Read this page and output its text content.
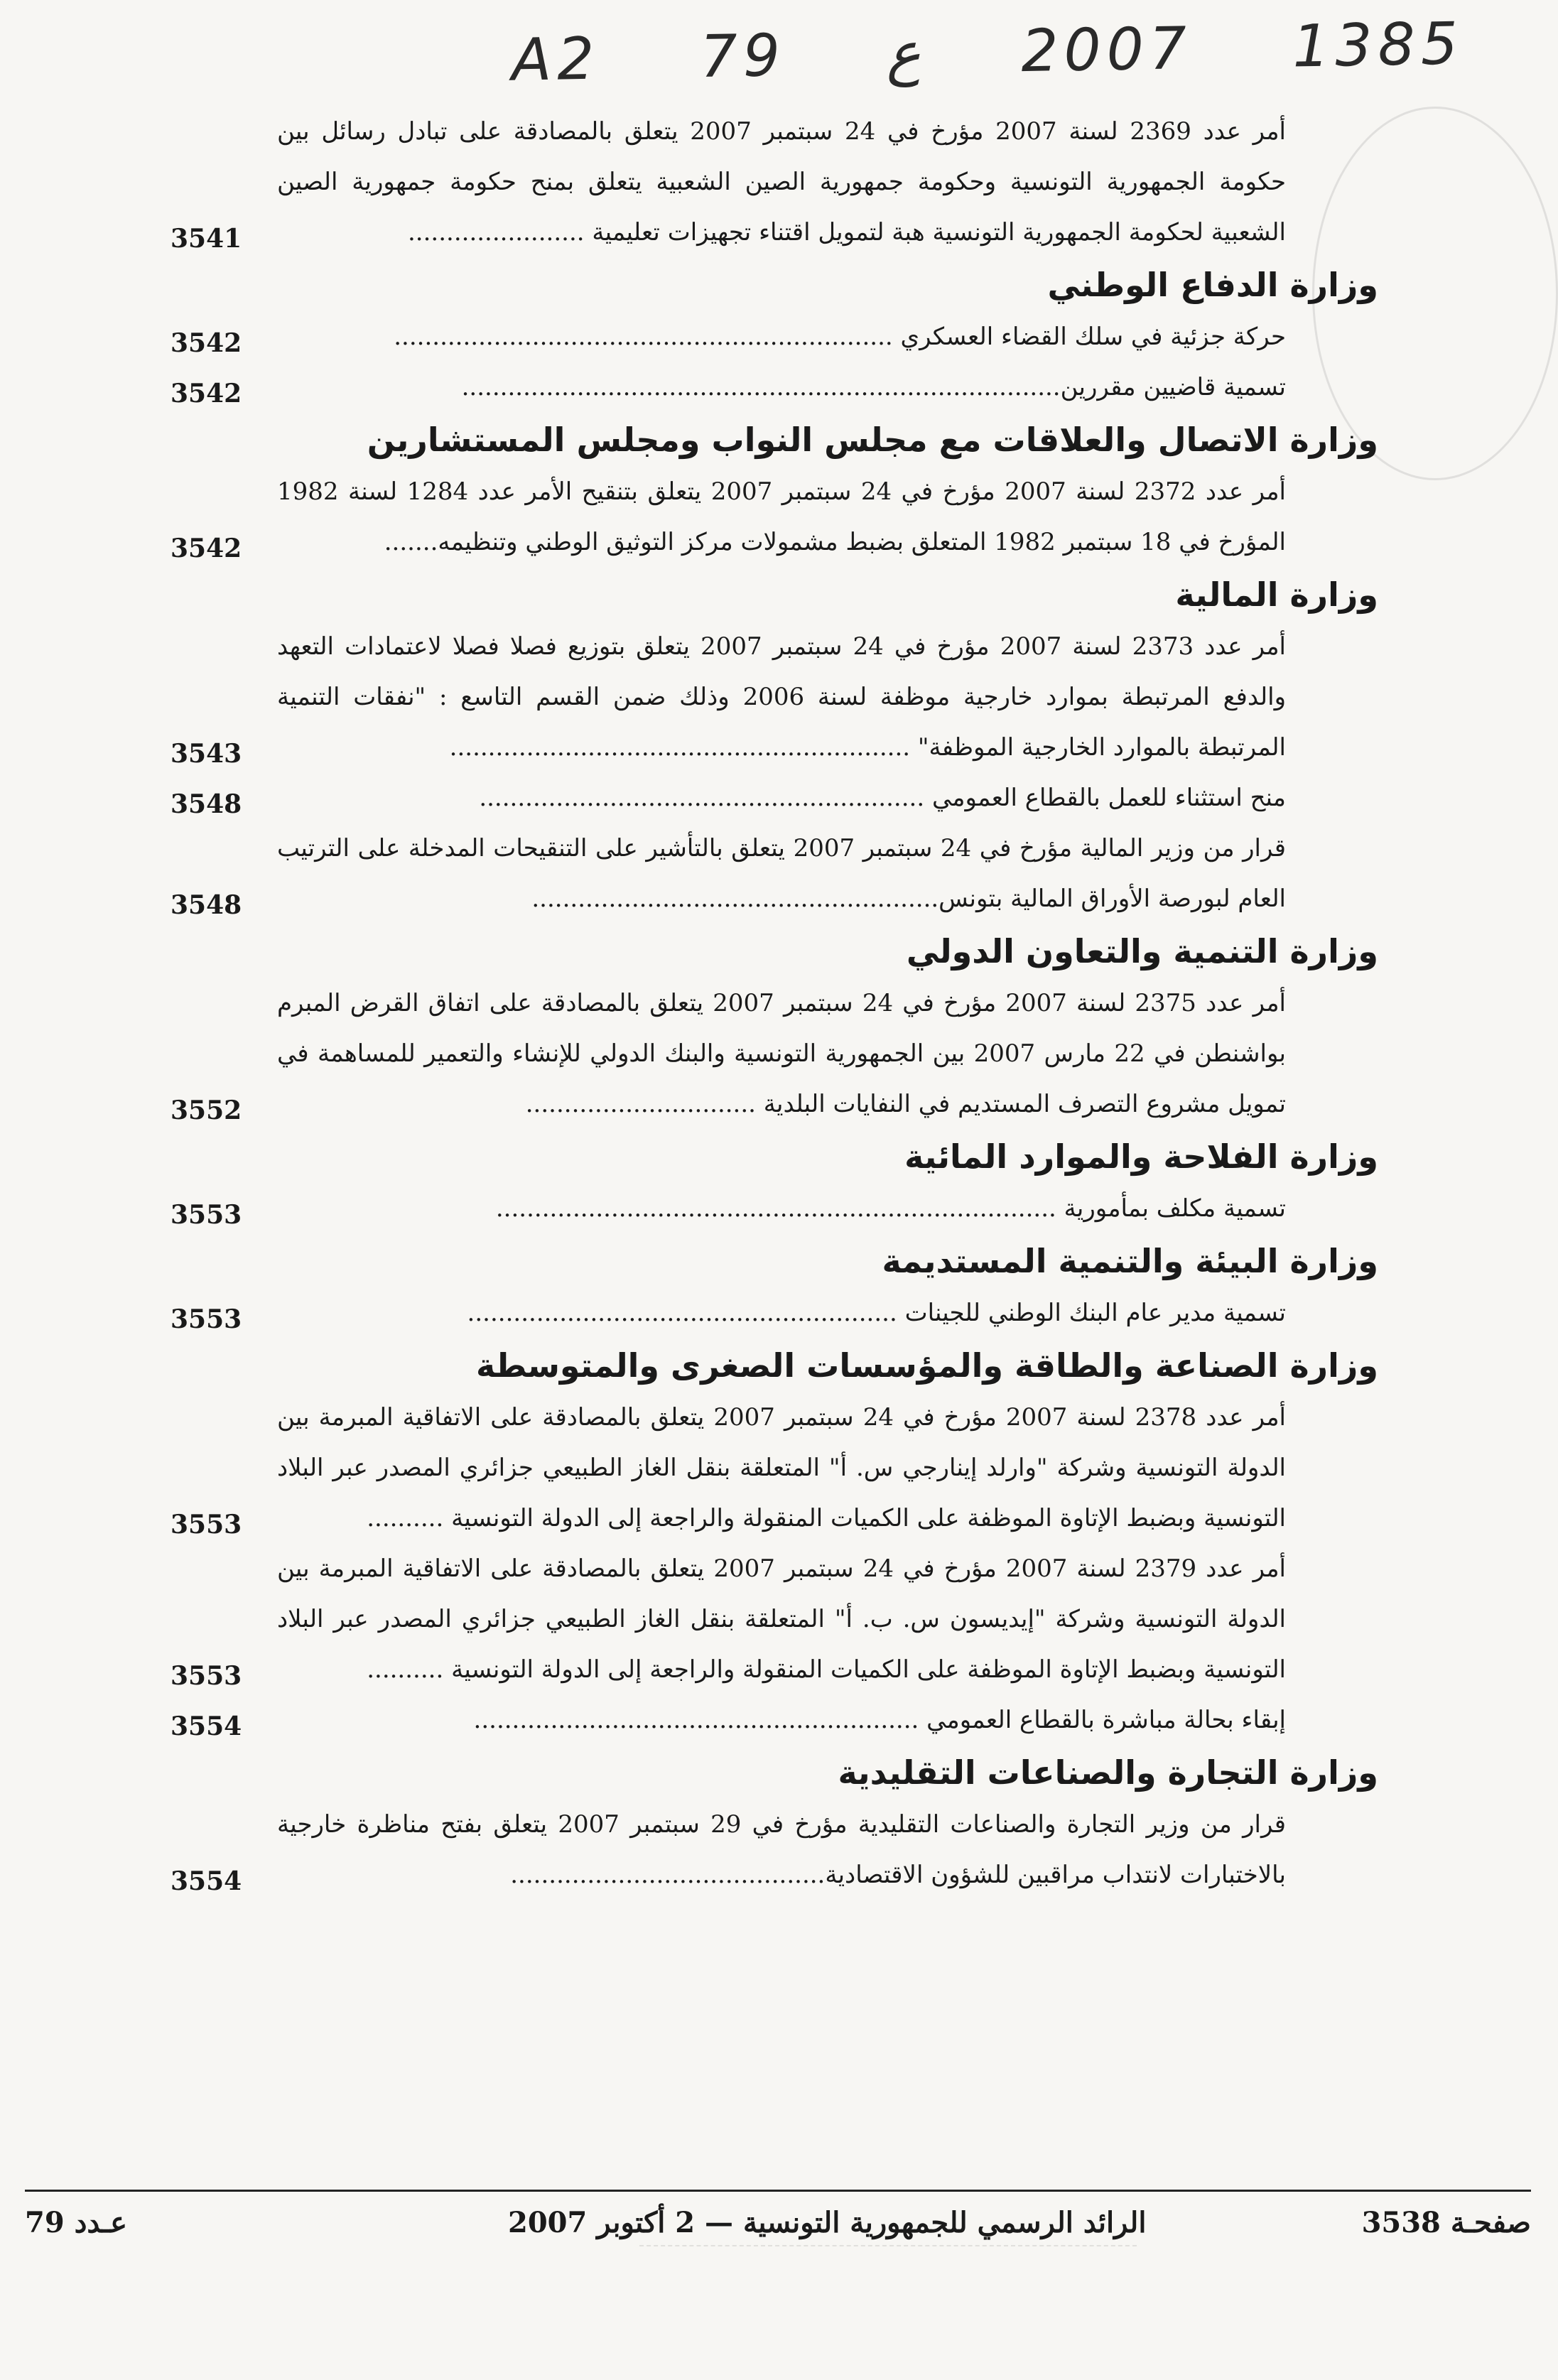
A2 79 ع 2007 1385
أمر عدد 2369 لسنة 2007 مؤرخ في 24 سبتمبر 2007 يتعلق بالمصادقة على تبادل رسائل بين حكومة الجمهورية التونسية وحكومة جمهورية الصين الشعبية يتعلق بمنح حكومة جمهورية الصين الشعبية لحكومة الجمهورية التونسية هبة لتمويل اقتناء تجهيزات تعليمية .......................
3541
وزارة الدفاع الوطني
حركة جزئية في سلك القضاء العسكري .................................................................
3542
تسمية قاضيين مقررين..............................................................................
3542
وزارة الاتصال والعلاقات مع مجلس النواب ومجلس المستشارين
أمر عدد 2372 لسنة 2007 مؤرخ في 24 سبتمبر 2007 يتعلق بتنقيح الأمر عدد 1284 لسنة 1982 المؤرخ في 18 سبتمبر 1982 المتعلق بضبط مشمولات مركز التوثيق الوطني وتنظيمه.......
3542
وزارة المالية
أمر عدد 2373 لسنة 2007 مؤرخ في 24 سبتمبر 2007 يتعلق بتوزيع فصلا فصلا لاعتمادات التعهد والدفع المرتبطة بموارد خارجية موظفة لسنة 2006 وذلك ضمن القسم التاسع : "نفقات التنمية المرتبطة بالموارد الخارجية الموظفة" ............................................................
3543
منح استثناء للعمل بالقطاع العمومي ..........................................................
3548
قرار من وزير المالية مؤرخ في 24 سبتمبر 2007 يتعلق بالتأشير على التنقيحات المدخلة على الترتيب العام لبورصة الأوراق المالية بتونس.....................................................
3548
وزارة التنمية والتعاون الدولي
أمر عدد 2375 لسنة 2007 مؤرخ في 24 سبتمبر 2007 يتعلق بالمصادقة على اتفاق القرض المبرم بواشنطن في 22 مارس 2007 بين الجمهورية التونسية والبنك الدولي للإنشاء والتعمير للمساهمة في تمويل مشروع التصرف المستديم في النفايات البلدية ..............................
3552
وزارة الفلاحة والموارد المائية
تسمية مكلف بمأمورية .........................................................................
3553
وزارة البيئة والتنمية المستديمة
تسمية مدير عام البنك الوطني للجينات ........................................................
3553
وزارة الصناعة والطاقة والمؤسسات الصغرى والمتوسطة
أمر عدد 2378 لسنة 2007 مؤرخ في 24 سبتمبر 2007 يتعلق بالمصادقة على الاتفاقية المبرمة بين الدولة التونسية وشركة "وارلد إينارجي س. أ" المتعلقة بنقل الغاز الطبيعي جزائري المصدر عبر البلاد التونسية وبضبط الإتاوة الموظفة على الكميات المنقولة والراجعة إلى الدولة التونسية ..........
3553
أمر عدد 2379 لسنة 2007 مؤرخ في 24 سبتمبر 2007 يتعلق بالمصادقة على الاتفاقية المبرمة بين الدولة التونسية وشركة "إيديسون س. ب. أ" المتعلقة بنقل الغاز الطبيعي جزائري المصدر عبر البلاد التونسية وبضبط الإتاوة الموظفة على الكميات المنقولة والراجعة إلى الدولة التونسية ..........
3553
إبقاء بحالة مباشرة بالقطاع العمومي ..........................................................
3554
وزارة التجارة والصناعات التقليدية
قرار من وزير التجارة والصناعات التقليدية مؤرخ في 29 سبتمبر 2007 يتعلق بفتح مناظرة خارجية بالاختبارات لانتداب مراقبين للشؤون الاقتصادية.........................................
3554
عـدد 79	الرائد الرسمي للجمهورية التونسية — 2 أكتوبر 2007	صفحـة 3538
